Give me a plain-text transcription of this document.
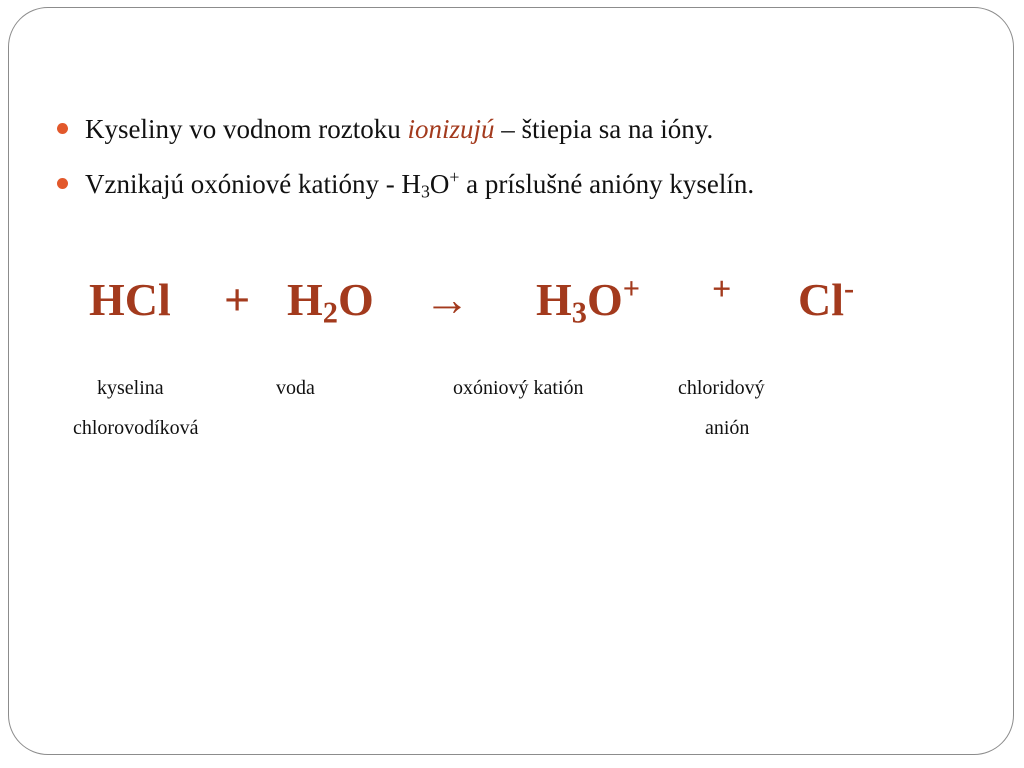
Kyseliny vo vodnom roztoku ionizujú – štiepia sa na ióny.
Vznikajú oxóniové katióny - $H_3O^+$ a príslušné anióny kyselín.
HCl + $H_2O \to H_3O^+ + Cl^-$
kyselina
chlorovodíková
voda	oxóniový katión	chloridový
anión
